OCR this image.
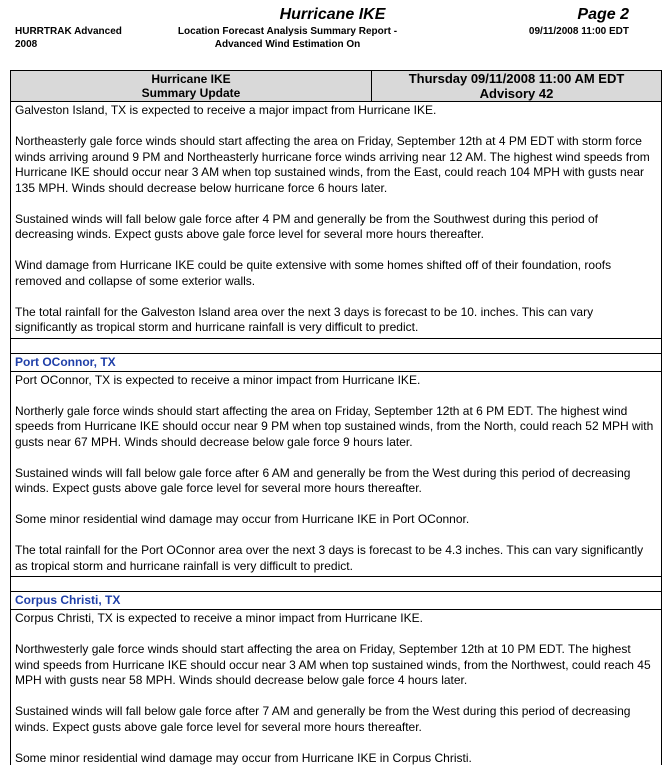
Hurricane IKE
HURRTRAK Advanced
2008
Location Forecast Analysis Summary Report -
Advanced Wind Estimation On
Page 2
09/11/2008 11:00 EDT
Hurricane IKE
Summary Update
Thursday 09/11/2008 11:00 AM EDT
Advisory 42

Galveston Island, TX is expected to receive a major impact from Hurricane IKE.

Northeasterly gale force winds should start affecting the area on Friday, September 12th at 4 PM EDT with storm force winds arriving around 9 PM and Northeasterly hurricane force winds arriving near 12 AM. The highest wind speeds from Hurricane IKE should occur near 3 AM when top sustained winds, from the East, could reach 104 MPH with gusts near 135 MPH. Winds should decrease below hurricane force 6 hours later.

Sustained winds will fall below gale force after 4 PM and generally be from the Southwest during this period of decreasing winds. Expect gusts above gale force level for several more hours thereafter.

Wind damage from Hurricane IKE could be quite extensive with some homes shifted off of their foundation, roofs removed and collapse of some exterior walls.

The total rainfall for the Galveston Island area over the next 3 days is forecast to be 10. inches. This can vary significantly as tropical storm and hurricane rainfall is very difficult to predict.

Port OConnor, TX

Port OConnor, TX is expected to receive a minor impact from Hurricane IKE.

Northerly gale force winds should start affecting the area on Friday, September 12th at 6 PM EDT. The highest wind speeds from Hurricane IKE should occur near 9 PM when top sustained winds, from the North, could reach 52 MPH with gusts near 67 MPH. Winds should decrease below gale force 9 hours later.

Sustained winds will fall below gale force after 6 AM and generally be from the West during this period of decreasing winds. Expect gusts above gale force level for several more hours thereafter.

Some minor residential wind damage may occur from Hurricane IKE in Port OConnor.

The total rainfall for the Port OConnor area over the next 3 days is forecast to be 4.3 inches. This can vary significantly as tropical storm and hurricane rainfall is very difficult to predict.

Corpus Christi, TX

Corpus Christi, TX is expected to receive a minor impact from Hurricane IKE.

Northwesterly gale force winds should start affecting the area on Friday, September 12th at 10 PM EDT. The highest wind speeds from Hurricane IKE should occur near 3 AM when top sustained winds, from the Northwest, could reach 45 MPH with gusts near 58 MPH. Winds should decrease below gale force 4 hours later.

Sustained winds will fall below gale force after 7 AM and generally be from the West during this period of decreasing winds. Expect gusts above gale force level for several more hours thereafter.

Some minor residential wind damage may occur from Hurricane IKE in Corpus Christi.
